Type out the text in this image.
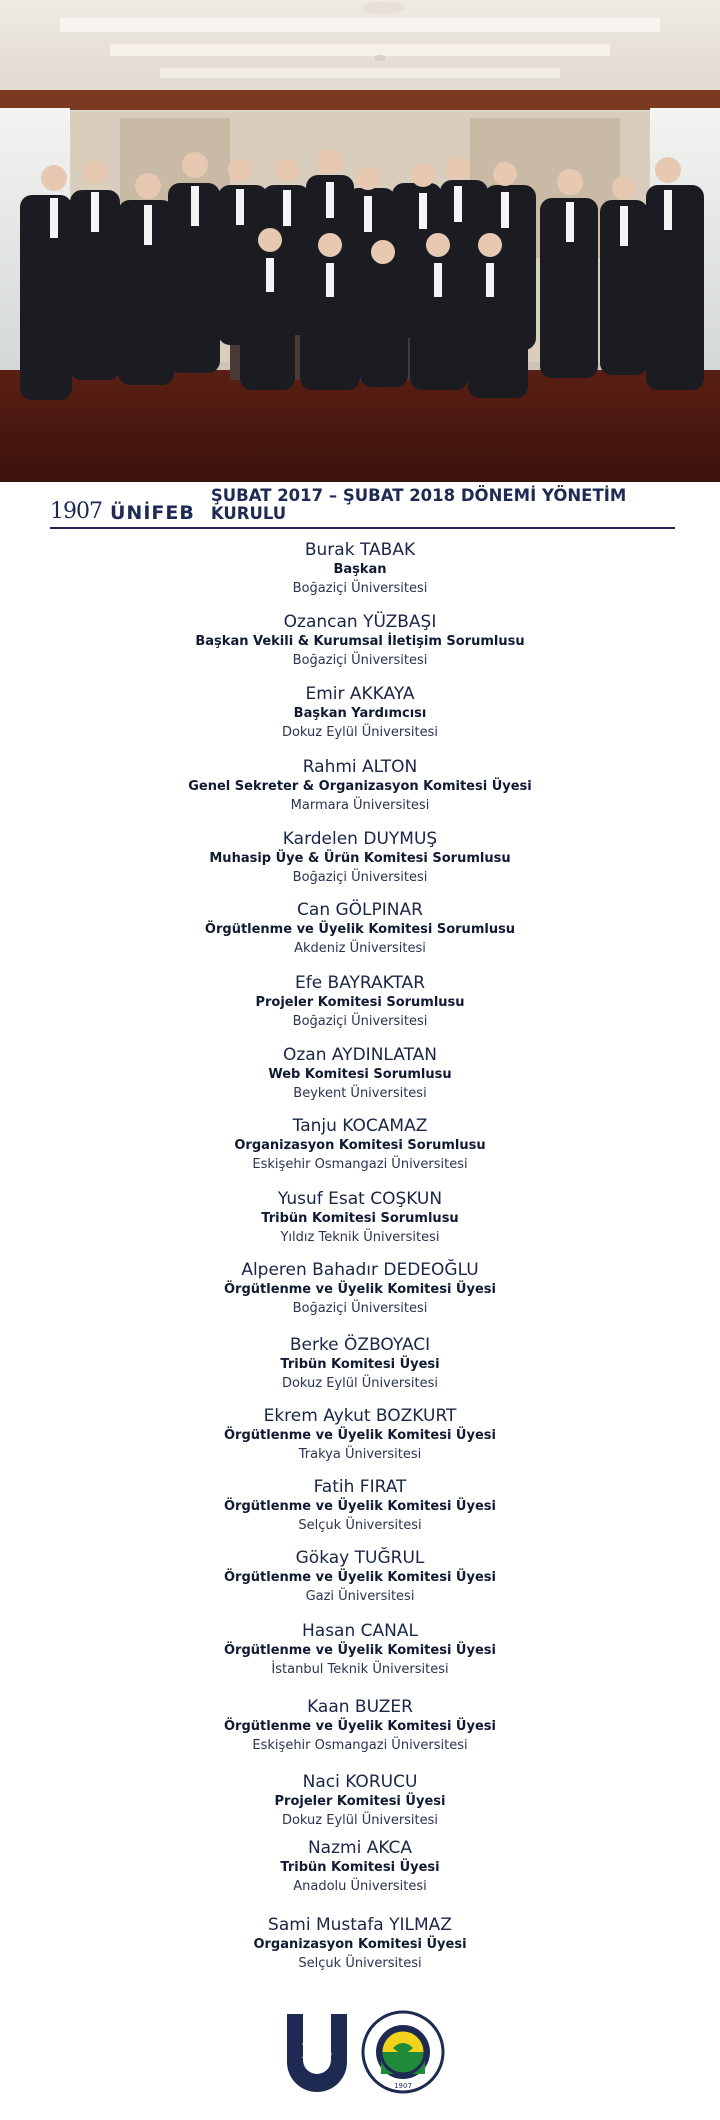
1907 ÜNİFEB
ŞUBAT 2017 – ŞUBAT 2018 DÖNEMİ YÖNETİM KURULU
Burak TABAK
Başkan
Boğaziçi Üniversitesi
Ozancan YÜZBAŞI
Başkan Vekili & Kurumsal İletişim Sorumlusu
Boğaziçi Üniversitesi
Emir AKKAYA
Başkan Yardımcısı
Dokuz Eylül Üniversitesi
Rahmi ALTON
Genel Sekreter & Organizasyon Komitesi Üyesi
Marmara Üniversitesi
Kardelen DUYMUŞ
Muhasip Üye & Ürün Komitesi Sorumlusu
Boğaziçi Üniversitesi
Can GÖLPINAR
Örgütlenme ve Üyelik Komitesi Sorumlusu
Akdeniz Üniversitesi
Efe BAYRAKTAR
Projeler Komitesi Sorumlusu
Boğaziçi Üniversitesi
Ozan AYDINLATAN
Web Komitesi Sorumlusu
Beykent Üniversitesi
Tanju KOCAMAZ
Organizasyon Komitesi Sorumlusu
Eskişehir Osmangazi Üniversitesi
Yusuf Esat COŞKUN
Tribün Komitesi Sorumlusu
Yıldız Teknik Üniversitesi
Alperen Bahadır DEDEOĞLU
Örgütlenme ve Üyelik Komitesi Üyesi
Boğaziçi Üniversitesi
Berke ÖZBOYACI
Tribün Komitesi Üyesi
Dokuz Eylül Üniversitesi
Ekrem Aykut BOZKURT
Örgütlenme ve Üyelik Komitesi Üyesi
Trakya Üniversitesi
Fatih FIRAT
Örgütlenme ve Üyelik Komitesi Üyesi
Selçuk Üniversitesi
Gökay TUĞRUL
Örgütlenme ve Üyelik Komitesi Üyesi
Gazi Üniversitesi
Hasan CANAL
Örgütlenme ve Üyelik Komitesi Üyesi
İstanbul Teknik Üniversitesi
Kaan BUZER
Örgütlenme ve Üyelik Komitesi Üyesi
Eskişehir Osmangazi Üniversitesi
Naci KORUCU
Projeler Komitesi Üyesi
Dokuz Eylül Üniversitesi
Nazmi AKCA
Tribün Komitesi Üyesi
Anadolu Üniversitesi
Sami Mustafa YILMAZ
Organizasyon Komitesi Üyesi
Selçuk Üniversitesi
FB
1907
